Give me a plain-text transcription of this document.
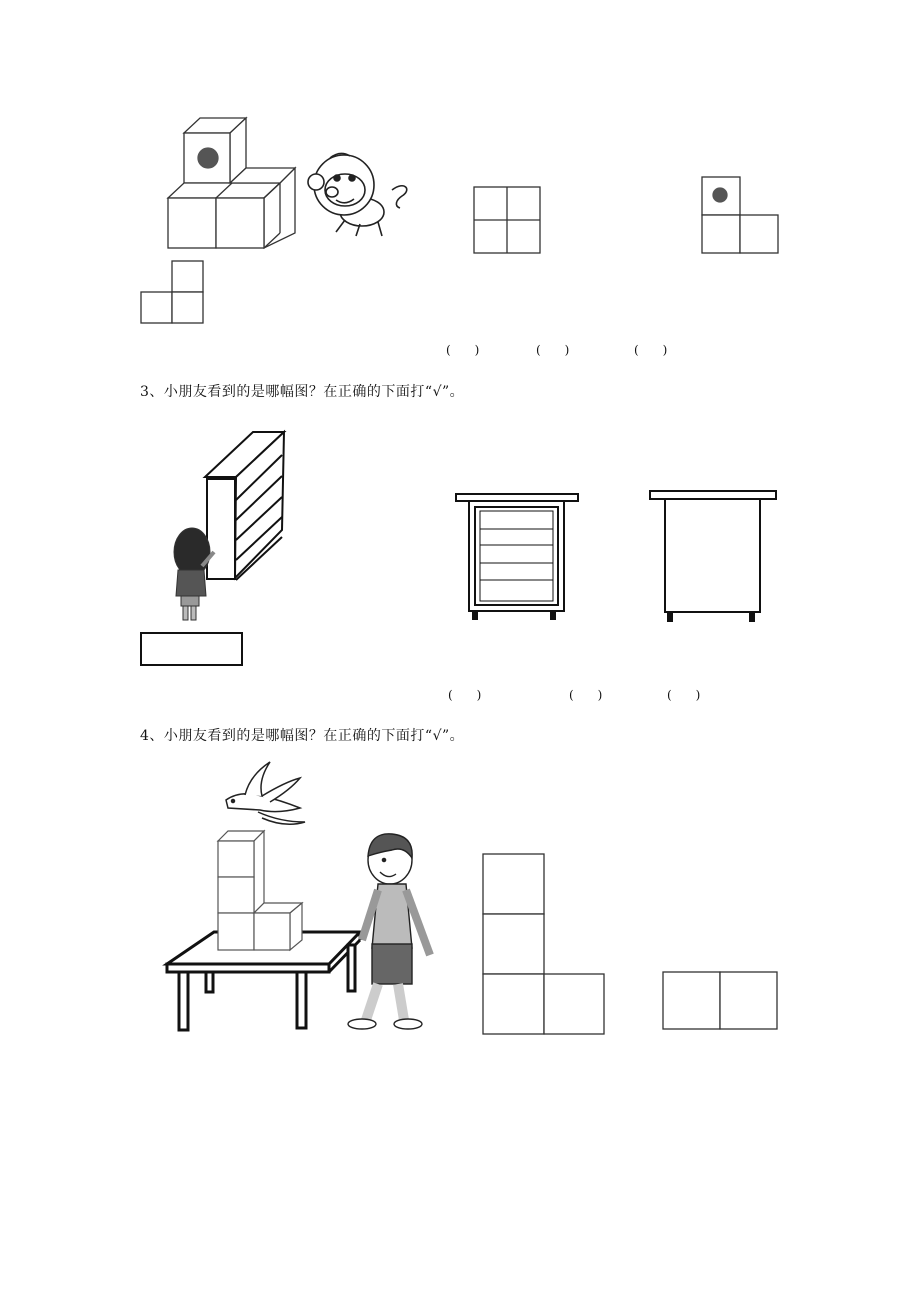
(　　)	(　　)	(　　)
3、小朋友看到的是哪幅图？在正确的下面打“√”。
(　　)	(　　)	(　　)
4、小朋友看到的是哪幅图？在正确的下面打“√”。
